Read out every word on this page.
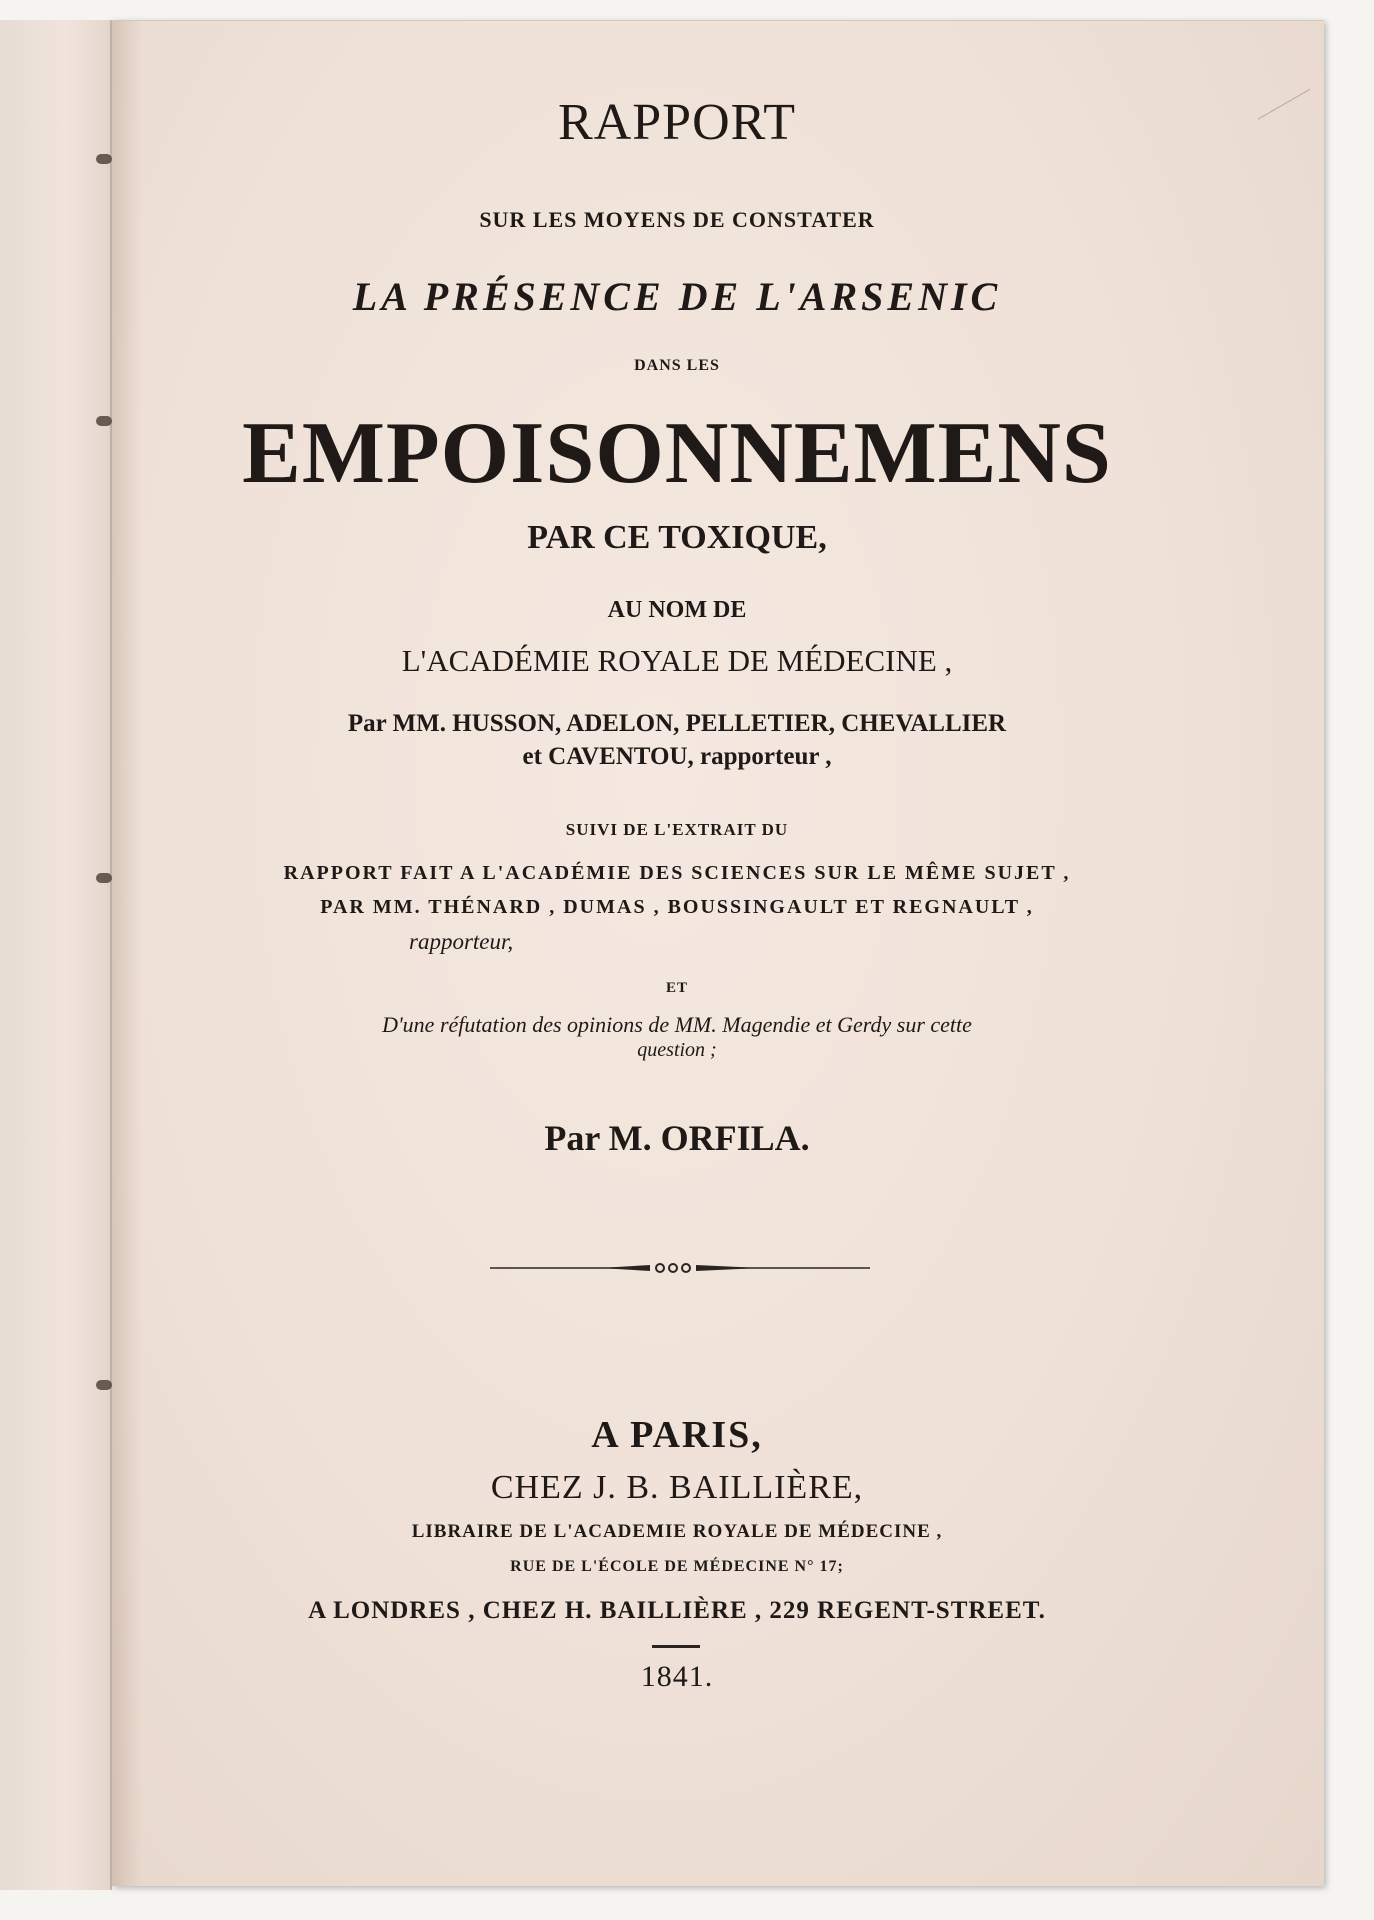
RAPPORT
SUR LES MOYENS DE CONSTATER
LA PRÉSENCE DE L'ARSENIC
DANS LES
EMPOISONNEMENS
PAR CE TOXIQUE,
AU NOM DE
L'ACADÉMIE ROYALE DE MÉDECINE ,
Par MM. HUSSON, ADELON, PELLETIER, CHEVALLIER
et CAVENTOU, rapporteur ,
SUIVI DE L'EXTRAIT DU
RAPPORT FAIT A L'ACADÉMIE DES SCIENCES SUR LE MÊME SUJET ,
PAR MM. THÉNARD , DUMAS , BOUSSINGAULT ET REGNAULT ,
rapporteur,
ET
D'une réfutation des opinions de MM. Magendie et Gerdy sur cette
question ;
Par M. ORFILA.
A PARIS,
CHEZ J. B. BAILLIÈRE,
LIBRAIRE DE L'ACADEMIE ROYALE DE MÉDECINE ,
RUE DE L'ÉCOLE DE MÉDECINE N° 17;
A LONDRES , CHEZ H. BAILLIÈRE , 229 REGENT-STREET.
1841.
